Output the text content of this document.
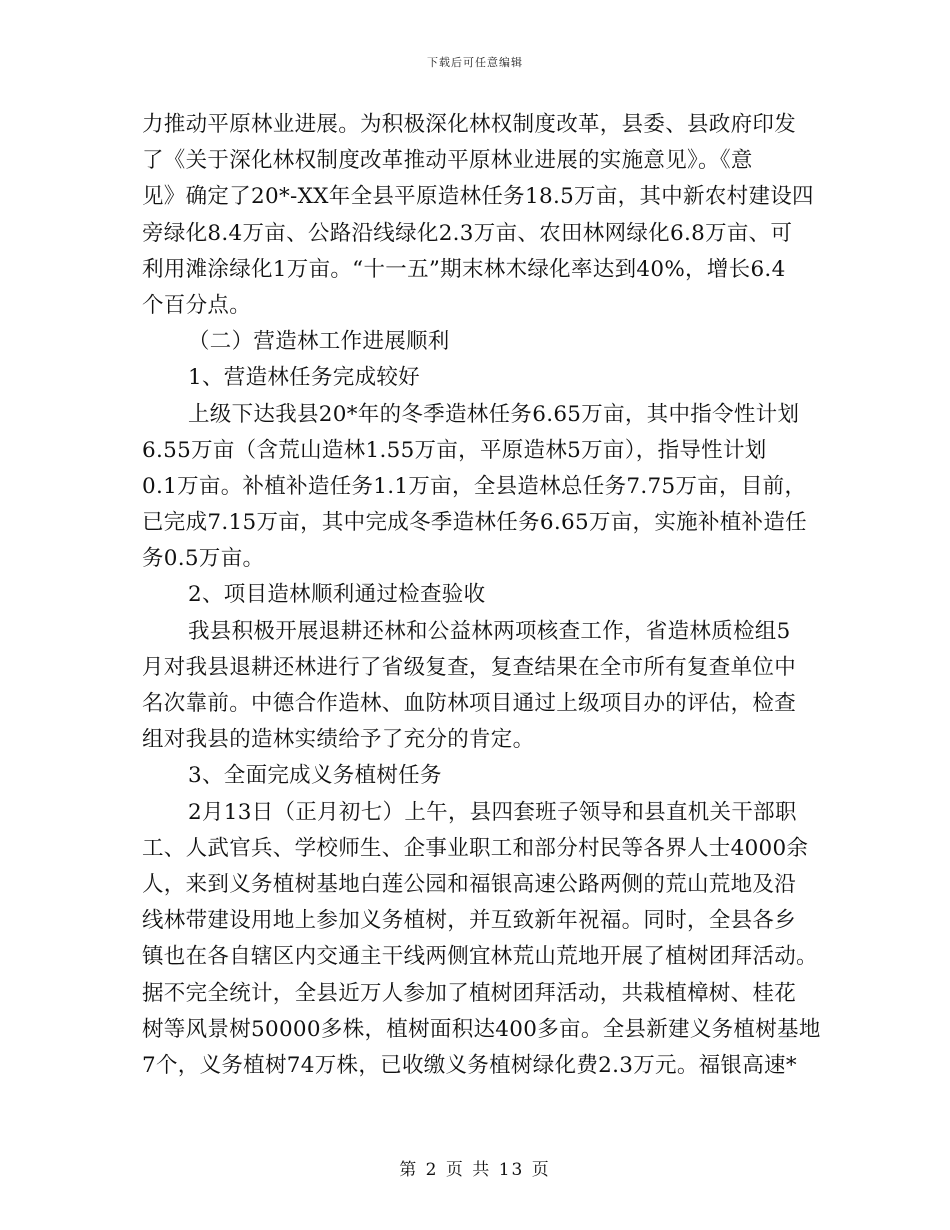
下载后可任意编辑
力推动平原林业进展。为积极深化林权制度改革，县委、县政府印发
了《关于深化林权制度改革推动平原林业进展的实施意见》。《意
见》确定了20*-XX年全县平原造林任务18.5万亩，其中新农村建设四
旁绿化8.4万亩、公路沿线绿化2.3万亩、农田林网绿化6.8万亩、可
利用滩涂绿化1万亩。“十一五”期末林木绿化率达到40%，增长6.4
个百分点。
（二）营造林工作进展顺利
1、营造林任务完成较好
上级下达我县20*年的冬季造林任务6.65万亩，其中指令性计划
6.55万亩（含荒山造林1.55万亩，平原造林5万亩），指导性计划
0.1万亩。补植补造任务1.1万亩，全县造林总任务7.75万亩，目前，
已完成7.15万亩，其中完成冬季造林任务6.65万亩，实施补植补造任
务0.5万亩。
2、项目造林顺利通过检查验收
我县积极开展退耕还林和公益林两项核查工作，省造林质检组5
月对我县退耕还林进行了省级复查，复查结果在全市所有复查单位中
名次靠前。中德合作造林、血防林项目通过上级项目办的评估，检查
组对我县的造林实绩给予了充分的肯定。
3、全面完成义务植树任务
2月13日（正月初七）上午，县四套班子领导和县直机关干部职
工、人武官兵、学校师生、企事业职工和部分村民等各界人士4000余
人，来到义务植树基地白莲公园和福银高速公路两侧的荒山荒地及沿
线林带建设用地上参加义务植树，并互致新年祝福。同时，全县各乡
镇也在各自辖区内交通主干线两侧宜林荒山荒地开展了植树团拜活动。
据不完全统计，全县近万人参加了植树团拜活动，共栽植樟树、桂花
树等风景树50000多株，植树面积达400多亩。全县新建义务植树基地
7个，义务植树74万株，已收缴义务植树绿化费2.3万元。福银高速*
第 2 页 共 13 页
